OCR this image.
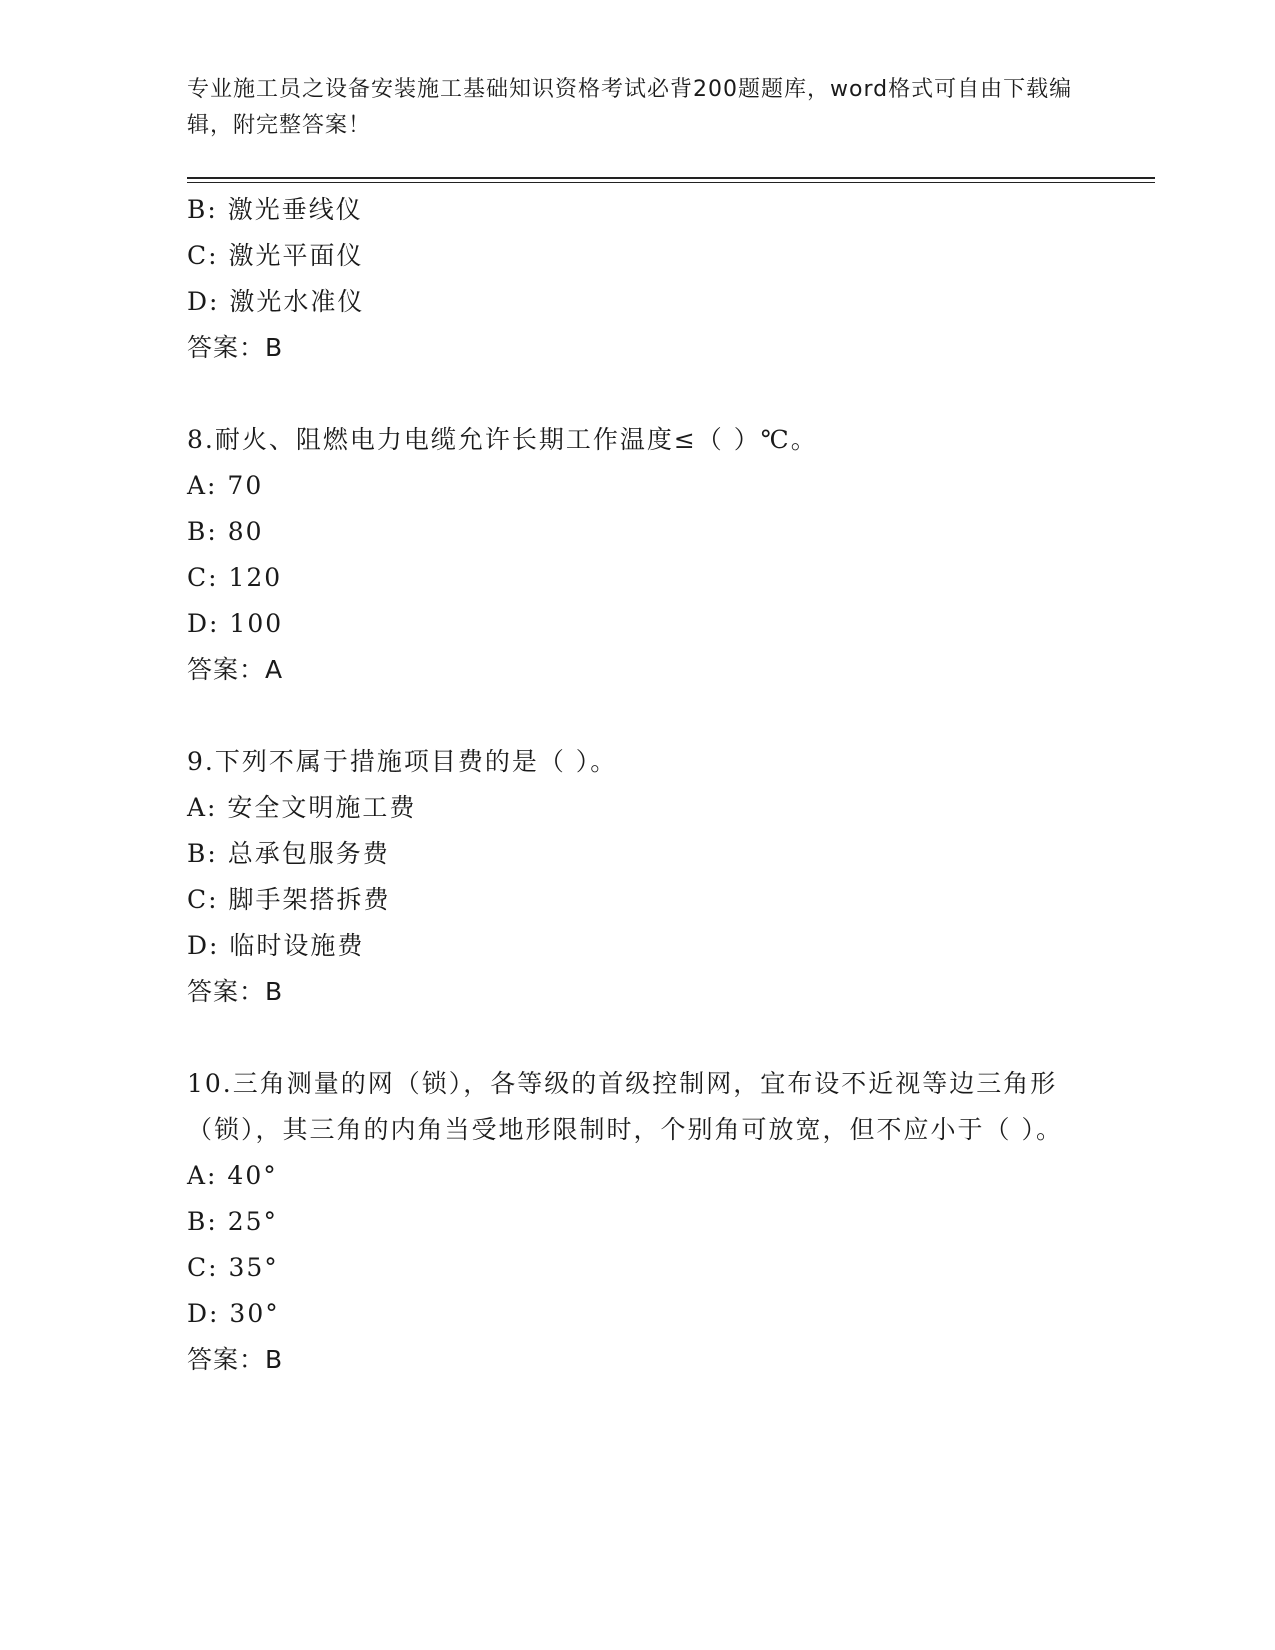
专业施工员之设备安装施工基础知识资格考试必背200题题库，word格式可自由下载编辑，附完整答案！
B: 激光垂线仪
C: 激光平面仪
D: 激光水准仪
答案：B
8.耐火、阻燃电力电缆允许长期工作温度≤（ ）℃。
A: 70
B: 80
C: 120
D: 100
答案：A
9.下列不属于措施项目费的是（ ）。
A: 安全文明施工费
B: 总承包服务费
C: 脚手架搭拆费
D: 临时设施费
答案：B
10.三角测量的网（锁），各等级的首级控制网，宜布设不近视等边三角形（锁），其三角的内角当受地形限制时，个别角可放宽，但不应小于（ ）。
A: 40°
B: 25°
C: 35°
D: 30°
答案：B
